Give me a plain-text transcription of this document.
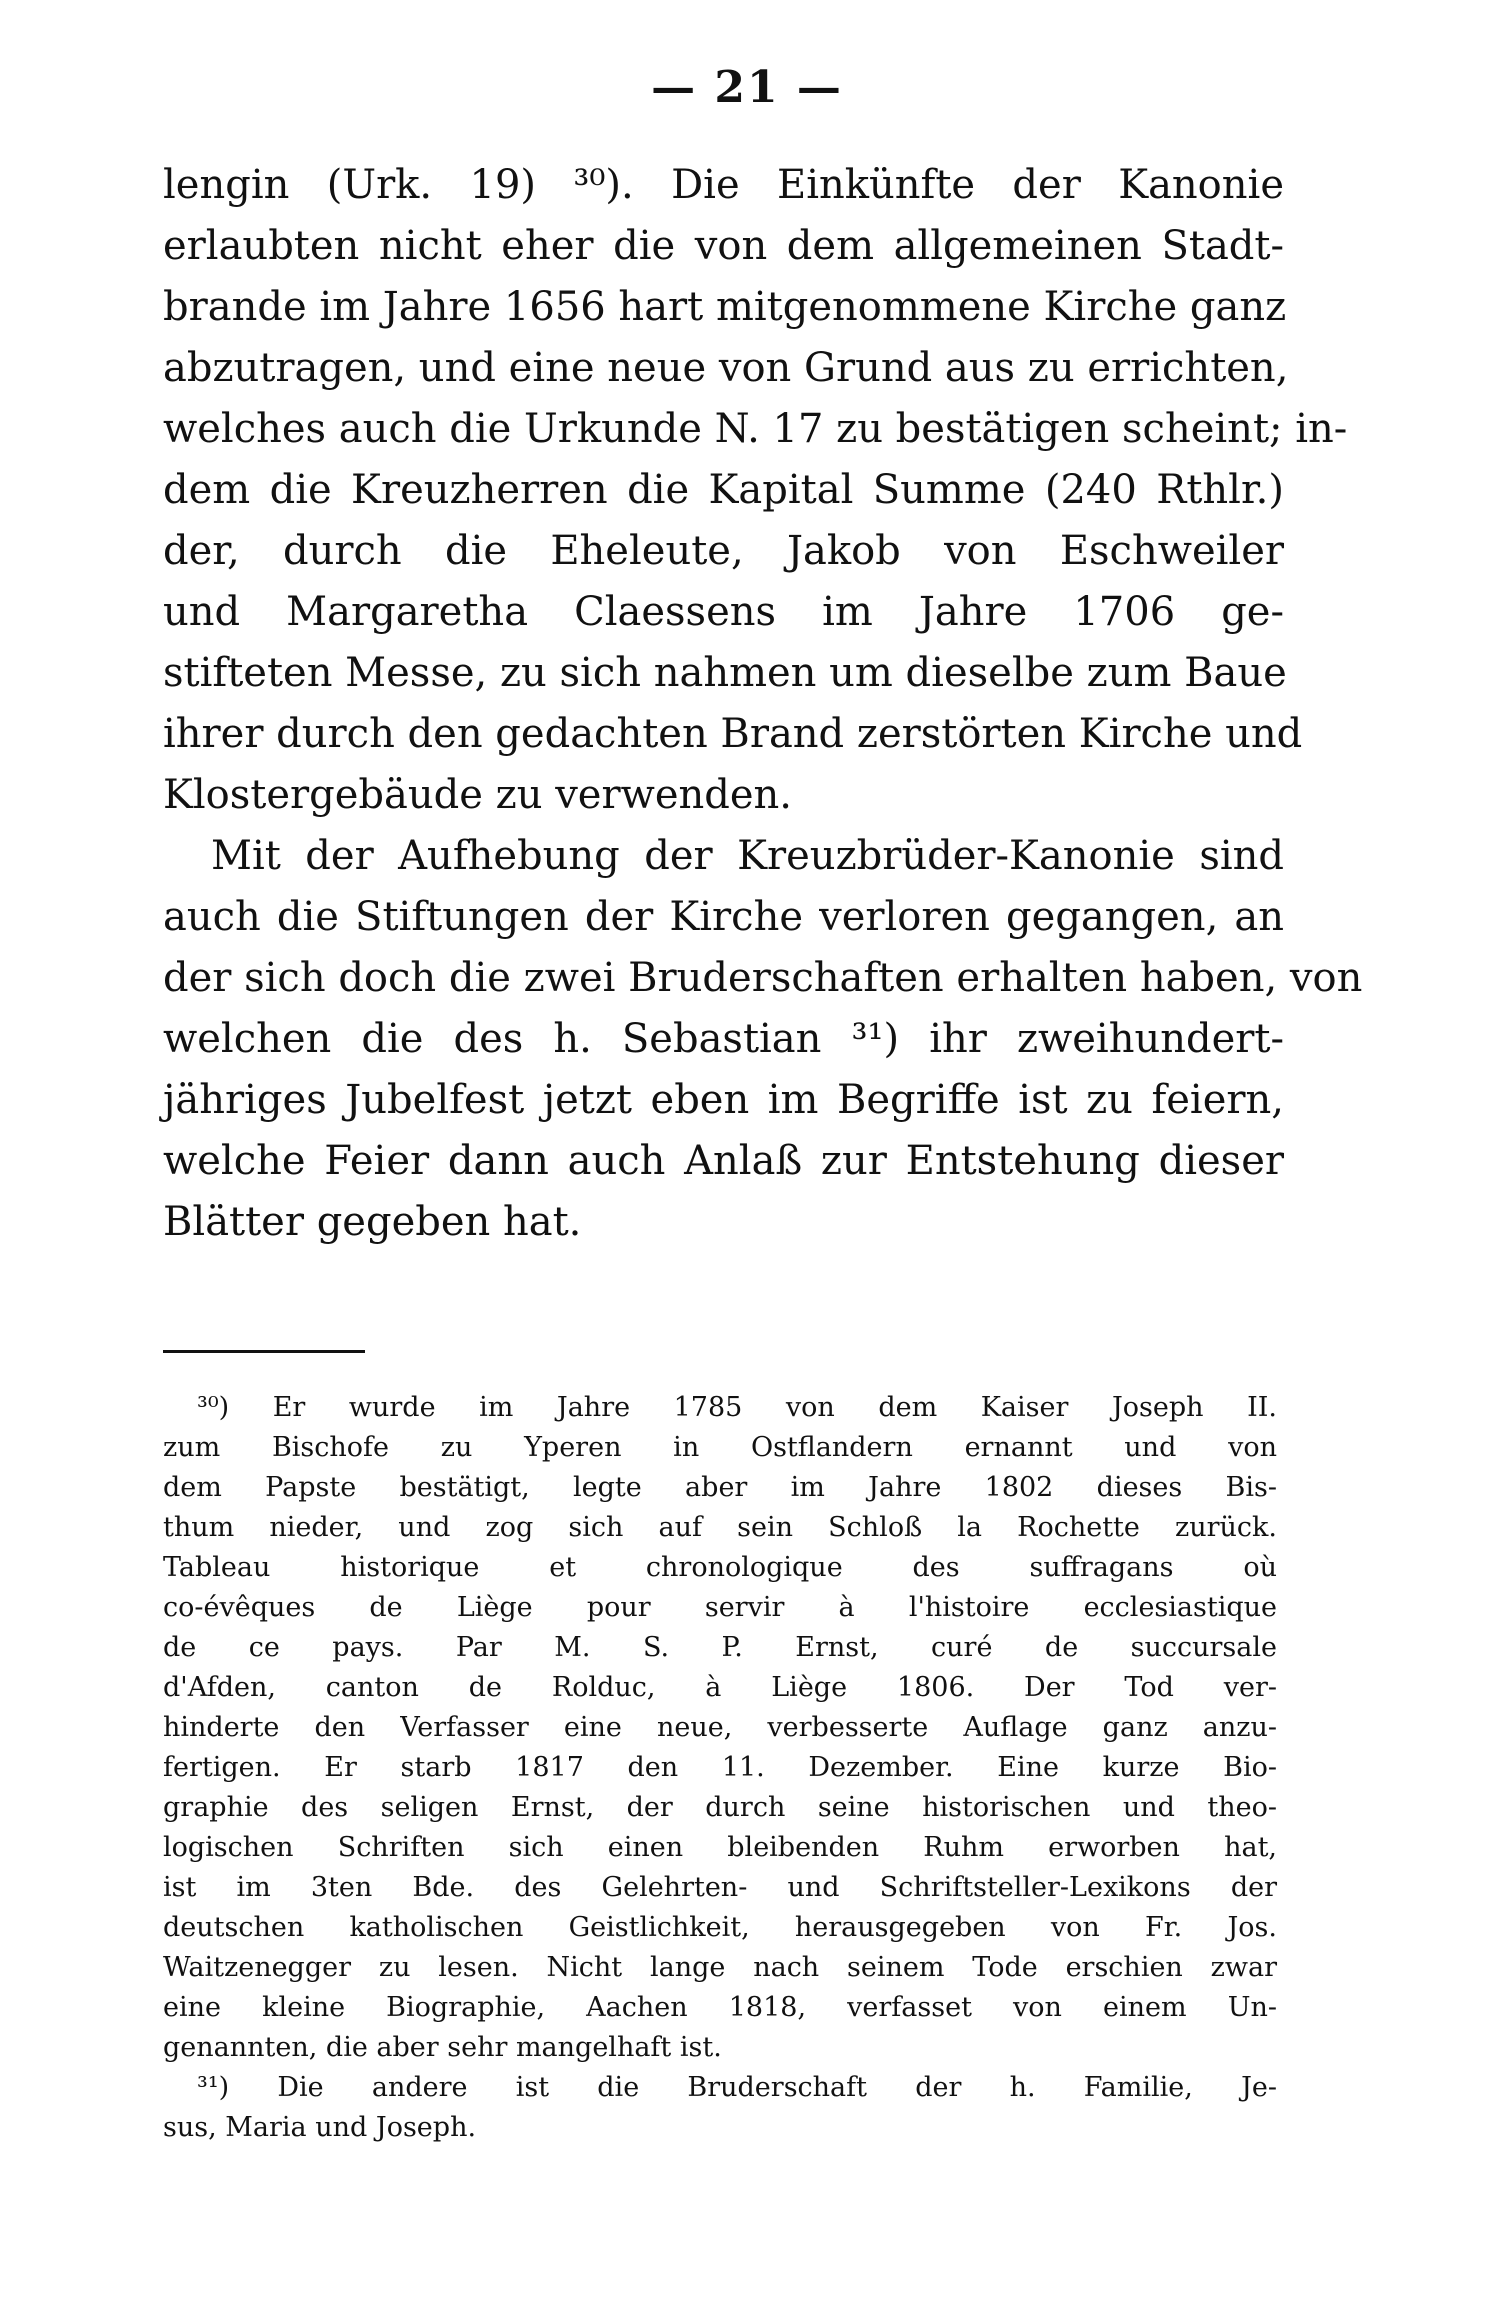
— 21 —
lengin (Urk. 19) ³⁰). Die Einkünfte der Kanonie
erlaubten nicht eher die von dem allgemeinen Stadt-
brande im Jahre 1656 hart mitgenommene Kirche ganz
abzutragen, und eine neue von Grund aus zu errichten,
welches auch die Urkunde N. 17 zu bestätigen scheint; in-
dem die Kreuzherren die Kapital Summe (240 Rthlr.)
der, durch die Eheleute, Jakob von Eschweiler
und Margaretha Claessens im Jahre 1706 ge-
stifteten Messe, zu sich nahmen um dieselbe zum Baue
ihrer durch den gedachten Brand zerstörten Kirche und
Klostergebäude zu verwenden.
Mit der Aufhebung der Kreuzbrüder-Kanonie sind
auch die Stiftungen der Kirche verloren gegangen, an
der sich doch die zwei Bruderschaften erhalten haben, von
welchen die des h. Sebastian ³¹) ihr zweihundert-
jähriges Jubelfest jetzt eben im Begriffe ist zu feiern,
welche Feier dann auch Anlaß zur Entstehung dieser
Blätter gegeben hat.
³⁰) Er wurde im Jahre 1785 von dem Kaiser Joseph II.
zum Bischofe zu Yperen in Ostflandern ernannt und von
dem Papste bestätigt, legte aber im Jahre 1802 dieses Bis-
thum nieder, und zog sich auf sein Schloß la Rochette zurück.
Tableau historique et chronologique des suffragans où
co-évêques de Liège pour servir à l'histoire ecclesiastique
de ce pays. Par M. S. P. Ernst, curé de succursale
d'Afden, canton de Rolduc, à Liège 1806. Der Tod ver-
hinderte den Verfasser eine neue, verbesserte Auflage ganz anzu-
fertigen. Er starb 1817 den 11. Dezember. Eine kurze Bio-
graphie des seligen Ernst, der durch seine historischen und theo-
logischen Schriften sich einen bleibenden Ruhm erworben hat,
ist im 3ten Bde. des Gelehrten- und Schriftsteller-Lexikons der
deutschen katholischen Geistlichkeit, herausgegeben von Fr. Jos.
Waitzenegger zu lesen. Nicht lange nach seinem Tode erschien zwar
eine kleine Biographie, Aachen 1818, verfasset von einem Un-
genannten, die aber sehr mangelhaft ist.
³¹) Die andere ist die Bruderschaft der h. Familie, Je-
sus, Maria und Joseph.
